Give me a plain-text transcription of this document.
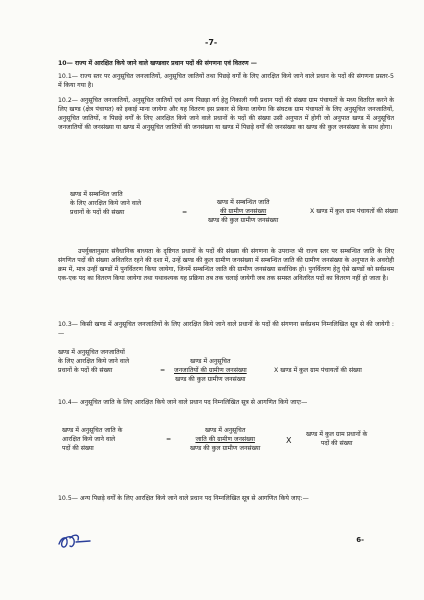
-7-
10— राज्य में आरक्षित किये जाने वाले खण्डवार प्रधान पदों की संगणना एवं वितरण —
10.1— राज्य स्तर पर अनुसूचित जनजातियों, अनुसूचित जातियों तथा पिछड़े वर्गों के लिए आरक्षित किये जाने वाले प्रधान के पदों की संगणना प्रस्तर-5 में किया गया है।
10.2— अनुसूचित जनजातियों, अनुसूचित जातियों एवं अन्य पिछड़ा वर्ग हेतु निकाली गयी प्रधान पदों की संख्या ग्राम पंचायतों के मध्य वितरित करने के लिए खण्ड (क्षेत्र पंचायत) को इकाई माना जायेगा और यह वितरण इस प्रकार से किया जायेगा कि संघटक ग्राम पंचायतों के लिए अनुसूचित जनजातियों, अनुसूचित जातियों, व पिछड़े वर्गों के लिए आरक्षित किये जाने वाले प्रधानों के पदों की संख्या उसी अनुपात में होगी जो अनुपात खण्ड में अनुसूचित जनजातियों की जनसंख्या या खण्ड में अनुसूचित जातियों की जनसंख्या या खण्ड में पिछड़े वर्गों की जनसंख्या का खण्ड की कुल जनसंख्या के साथ होगा।
खण्ड में सम्बन्धित जाति
के लिए आरक्षित किये जाने वाले
प्रधानों के पदों की संख्या	=
खण्ड में सम्बन्धित जाति
की ग्रामीण जनसंख्या
खण्ड की कुल ग्रामीण जनसंख्या
X खण्ड में कुल ग्राम पंचायतों की संख्या
उपर्युक्तानुसार संवैधानिक बाध्यता के दृष्टिगत प्रधानों के पदों की संख्या की संगणना के उपरान्त भी राज्य स्तर पर सम्बन्धित जाति के लिए संगणित पदों की संख्या अवितरित रहने की दशा में, उन्हें खण्ड की कुल ग्रामीण जनसंख्या में सम्बन्धित जाति की ग्रामीण जनसंख्या के अनुपात के अवरोही क्रम में, मात्र उन्हीं खण्डों में पुनर्वितरण किया जायेगा, जिनमें सम्बन्धित जाति की ग्रामीण जनसंख्या सर्वाधिक हो। पुनर्वितरण हेतु ऐसे खण्डों को सर्वप्रथम एक-एक पद का वितरण किया जायेगा तथा यथावश्यक यह प्रक्रिया तब तक चलाई जायेगी जब तक समस्त अवितरित पदों का वितरण नहीं हो जाता है।
10.3— किसी खण्ड में अनुसूचित जनजातियों के लिए आरक्षित किये जाने वाले प्रधानों के पदों की संगणना सर्वप्रथम निम्नलिखित सूत्र से की जायेगी :—
खण्ड में अनुसूचित जनजातियों
के लिए आरक्षित किये जाने वाले
प्रधानों के पदों की संख्या	=
खण्ड में अनुसूचित
जनजातियों की ग्रामीण जनसंख्या
खण्ड की कुल ग्रामीण जनसंख्या
X खण्ड में कुल ग्राम पंचायतों की संख्या
10.4— अनुसूचित जाति के लिए आरक्षित किये जाने वाले प्रधान पद निम्नलिखित सूत्र से आगणित किये जाएः—
खण्ड में अनुसूचित जाति के
आरक्षित किये जाने वाले
पदों की संख्या
=
खण्ड में अनुसूचित
जाति की ग्रामीण जनसंख्या
खण्ड की कुल ग्रामीण जनसंख्या
X
खण्ड में कुल ग्राम प्रधानों के
पदों की संख्या
10.5— अन्य पिछड़े वर्गों के लिए आरक्षित किये जाने वाले प्रधान पद निम्नलिखित सूत्र से आगणित किये जाए:—
6-
